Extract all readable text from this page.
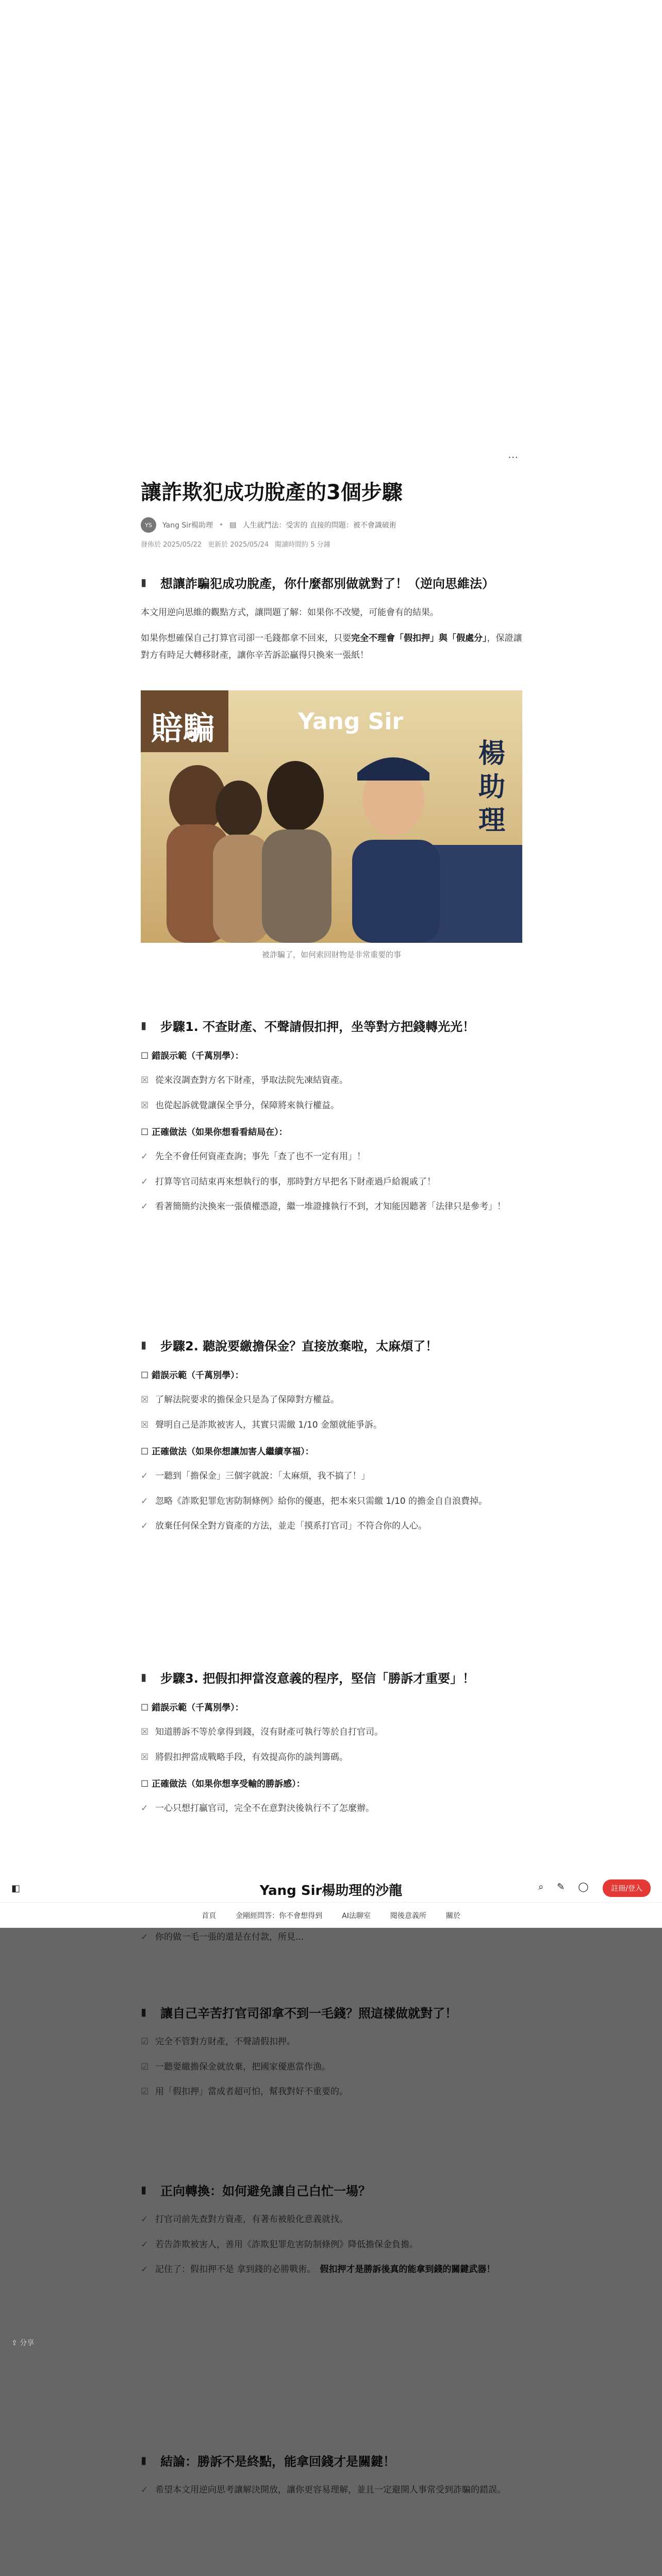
⋯
讓詐欺犯成功脫產的3個步驟
YS	Yang Sir楊助理 • ▤ 人生就鬥法：受害的 直接的問題：被不會識破術
發佈於 2025/05/22 更新於 2025/05/24 閱讀時間約 5 分鐘
▮	想讓詐騙犯成功脫產，你什麼都別做就對了！（逆向思維法）

本文用逆向思維的觀點方式，讓問題了解：如果你不改變，可能會有的結果。

如果你想確保自己打算官司卻一毛錢都拿不回來，只要完全不理會「假扣押」與「假處分」，保證讓對方有時足大轉移財產，讓你辛苦訴訟贏得只換來一張紙！

賠騙	Yang Sir
楊
助
理
被詐騙了，如何索回財物是非常重要的事
▮	步驟1. 不查財產、不聲請假扣押，坐等對方把錢轉光光！
☐ 錯誤示範（千萬別學）：
☒ 從來沒調查對方名下財產，爭取法院先凍結資產。
☒ 也從起訴就覺讓保全爭分，保障將來執行權益。
☐ 正確做法（如果你想看看結局在）：
✓ 先全不會任何資產查詢；事先「查了也不一定有用」！
✓ 打算等官司結束再來想執行的事，那時對方早把名下財產過戶給親戚了！
✓ 看著簡簡約決換來一張債權憑證，繼一堆證據執行不到，才知能因聽著「法律只是參考」！
▮	步驟2. 聽說要繳擔保金？直接放棄啦，太麻煩了！
☐ 錯誤示範（千萬別學）：
☒ 了解法院要求的擔保金只是為了保障對方權益。
☒ 聲明自己是詐欺被害人，其實只需繳 1/10 金額就能爭訴。
☐ 正確做法（如果你想讓加害人繼續享福）：
✓ 一聽到「擔保金」三個字就說：「太麻煩，我不搞了！」
✓ 忽略《詐欺犯罪危害防制條例》給你的優惠，把本來只需繳 1/10 的擔金自自浪費掉。
✓ 放棄任何保全對方資產的方法，並走「摸系打官司」不符合你的人心。
▮	步驟3. 把假扣押當沒意義的程序，堅信「勝訴才重要」！
☐ 錯誤示範（千萬別學）：
☒ 知道勝訴不等於拿得到錢，沒有財產可執行等於自打官司。
☒ 將假扣押當成戰略手段，有效提高你的談判籌碼。
☐ 正確做法（如果你想享受輸的勝訴感）：
✓ 一心只想打贏官司，完全不在意對決後執行不了怎麼辦。
◧	Yang Sir楊助理的沙龍	⌕ ✎ ◯	註冊/登入
首頁	金剛經問答：你不會想得到	AI法聊室	閱後意義所	關於
⇪ 分享
